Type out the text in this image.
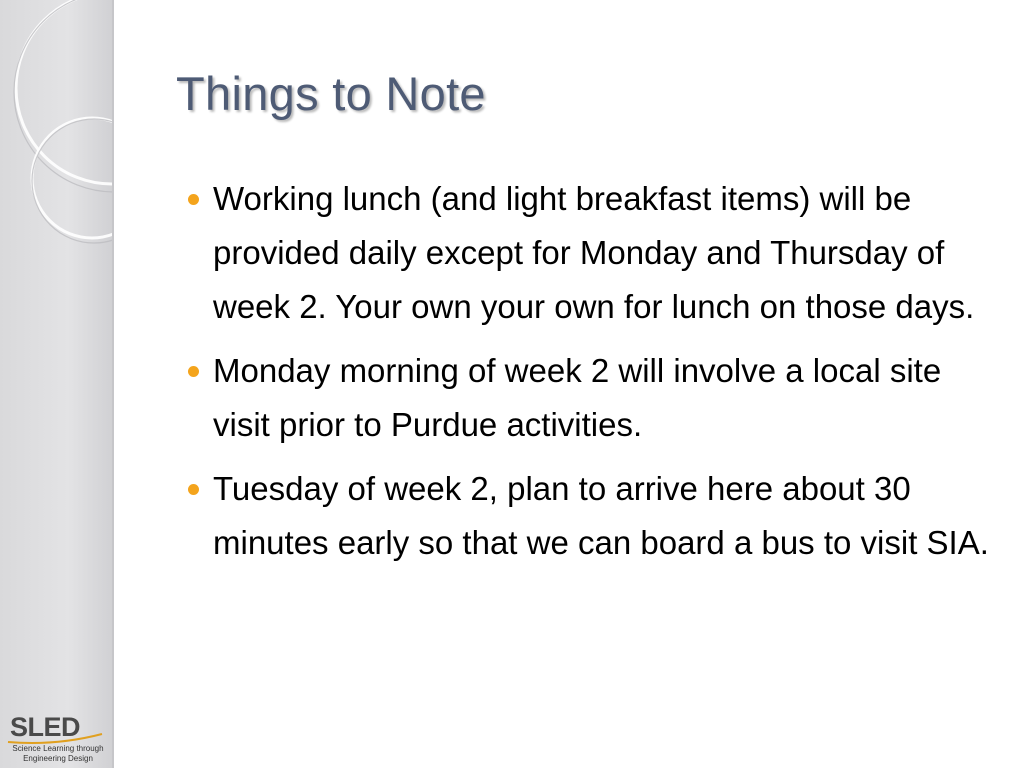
SLED
Science Learning through
Engineering Design
Things to Note
Working lunch (and light breakfast items) will be provided daily except for Monday and Thursday of week 2. Your own your own for lunch on those days.
Monday morning of week 2 will involve a local site visit prior to Purdue activities.
Tuesday of week 2, plan to arrive here about 30 minutes early so that we can board a bus to visit SIA.
